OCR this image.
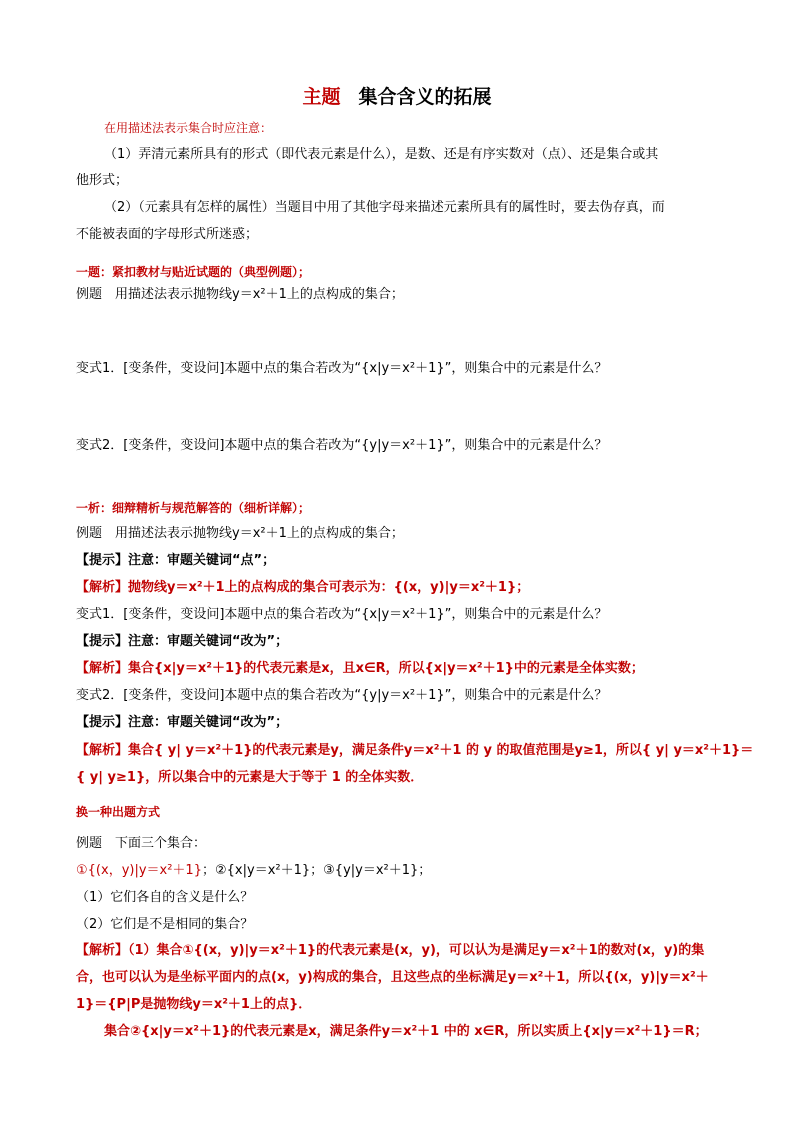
主题 集合含义的拓展
在用描述法表示集合时应注意：
（1）弄清元素所具有的形式（即代表元素是什么），是数、还是有序实数对（点）、还是集合或其
他形式；
（2）（元素具有怎样的属性）当题目中用了其他字母来描述元素所具有的属性时，要去伪存真，而
不能被表面的字母形式所迷惑；
一题：紧扣教材与贴近试题的（典型例题）；
例题　用描述法表示抛物线y＝x²＋1上的点构成的集合；
变式1．[变条件，变设问]本题中点的集合若改为“{x|y＝x²＋1}”，则集合中的元素是什么？
变式2．[变条件，变设问]本题中点的集合若改为“{y|y＝x²＋1}”，则集合中的元素是什么？
一析：细辩精析与规范解答的（细析详解）；
例题　用描述法表示抛物线y＝x²＋1上的点构成的集合；
【提示】注意：审题关键词“点”；
【解析】抛物线y＝x²＋1上的点构成的集合可表示为：{(x，y)|y＝x²＋1}；
变式1．[变条件，变设问]本题中点的集合若改为“{x|y＝x²＋1}”，则集合中的元素是什么？
【提示】注意：审题关键词“改为”；
【解析】集合{x|y＝x²＋1}的代表元素是x，且x∈R，所以{x|y＝x²＋1}中的元素是全体实数；
变式2．[变条件，变设问]本题中点的集合若改为“{y|y＝x²＋1}”，则集合中的元素是什么？
【提示】注意：审题关键词“改为”；
【解析】集合{ y| y＝x²＋1}的代表元素是y，满足条件y＝x²＋1 的 y 的取值范围是y≥1，所以{ y| y＝x²＋1}＝
{ y| y≥1}，所以集合中的元素是大于等于 1 的全体实数．
换一种出题方式
例题　下面三个集合：
（1）它们各自的含义是什么？
（2）它们是不是相同的集合？
【解析】（1）集合①{(x，y)|y＝x²＋1}的代表元素是(x，y)，可以认为是满足y＝x²＋1的数对(x，y)的集
合，也可以认为是坐标平面内的点(x，y)构成的集合，且这些点的坐标满足y＝x²＋1，所以{(x，y)|y＝x²＋
1}＝{P|P是抛物线y＝x²＋1上的点}．
集合②{x|y＝x²＋1}的代表元素是x，满足条件y＝x²＋1 中的 x∈R，所以实质上{x|y＝x²＋1}＝R；
①{(x，y)|y＝x²＋1}；②{x|y＝x²＋1}；③{y|y＝x²＋1}；
